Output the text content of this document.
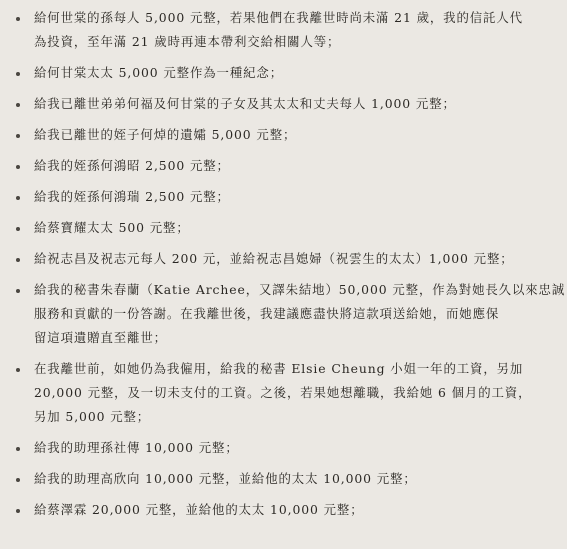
給何世棠的孫每人 5,000 元整，若果他們在我離世時尚未滿 21 歲，我的信託人代
為投資，至年滿 21 歲時再連本帶利交給相關人等；
給何甘棠太太 5,000 元整作為一種紀念；
給我已離世弟弟何福及何甘棠的子女及其太太和丈夫每人 1,000 元整；
給我已離世的姪子何焯的遺孀 5,000 元整；
給我的姪孫何鴻昭 2,500 元整；
給我的姪孫何鴻瑞 2,500 元整；
給蔡寶耀太太 500 元整；
給祝志昌及祝志元每人 200 元，並給祝志昌媳婦（祝雲生的太太）1,000 元整；
給我的秘書朱春蘭（Katie Archee，又譯朱結地）50,000 元整，作為對她長久以來忠誠
服務和貢獻的一份答謝。在我離世後，我建議應盡快將這款項送給她，而她應保
留這項遺贈直至離世；
在我離世前，如她仍為我僱用，給我的秘書 Elsie Cheung 小姐一年的工資，另加
20,000 元整，及一切未支付的工資。之後，若果她想離職，我給她 6 個月的工資，
另加 5,000 元整；
給我的助理孫社傳 10,000 元整；
給我的助理高欣向 10,000 元整，並給他的太太 10,000 元整；
給蔡澤霖 20,000 元整，並給他的太太 10,000 元整；
